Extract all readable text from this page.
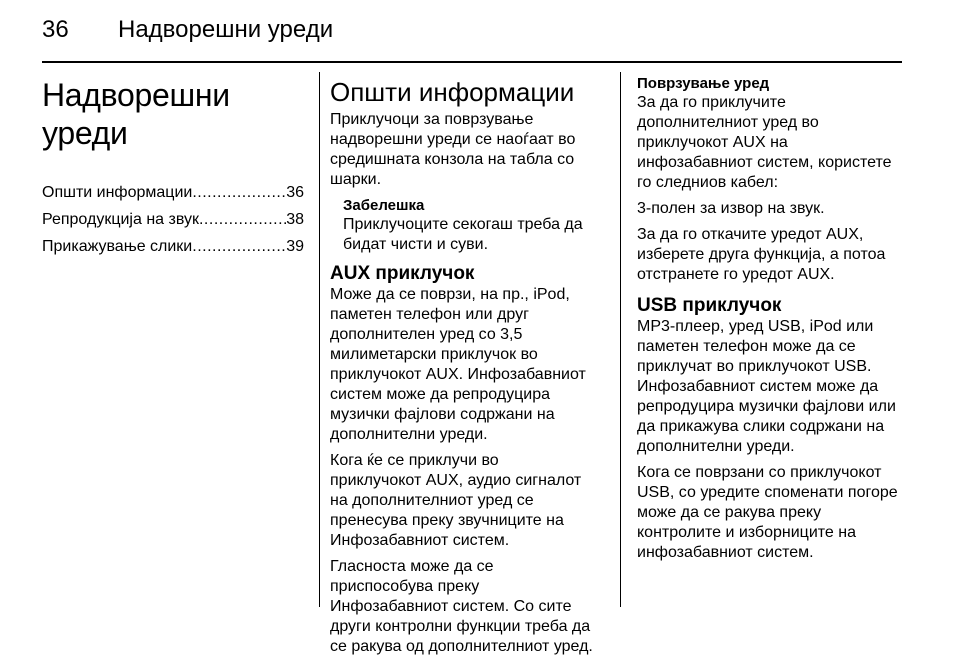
36 Надворешни уреди
Надворешни уреди
Општи информации .....	36
Репродукција на звук .....	38
Прикажување слики .....	39
Општи информации
Приклучоци за поврзување
надворешни уреди се наоѓаат во
средишната конзола на табла со
шарки.
Забелешка
Приклучоците секогаш треба да
бидат чисти и суви.
AUX приклучок
Може да се поврзи, на пр., iPod,
паметен телефон или друг
дополнителен уред со 3,5
милиметарски приклучок во
приклучокот AUX. Инфозабавниот
систем може да репродуцира
музички фајлови содржани на
дополнителни уреди.
Кога ќе се приклучи во
приклучокот AUX, аудио сигналот
на дополнителниот уред се
пренесува преку звучниците на
Инфозабавниот систем.
Гласноста може да се
приспособува преку
Инфозабавниот систем. Со сите
други контролни функции треба да
се ракува од дополнителниот уред.
Поврзување уред
За да го приклучите
дополнителниот уред во
приклучокот AUX на
инфозабавниот систем, користете
го следниов кабел:
3-полен за извор на звук.
За да го откачите уредот AUX,
изберете друга функција, а потоа
отстранете го уредот AUX.
USB приклучок
MP3-плеер, уред USB, iPod или
паметен телефон може да се
приклучат во приклучокот USB.
Инфозабавниот систем може да
репродуцира музички фајлови или
да прикажува слики содржани на
дополнителни уреди.
Кога се поврзани со приклучокот
USB, со уредите споменати погоре
може да се ракува преку
контролите и изборниците на
инфозабавниот систем.
